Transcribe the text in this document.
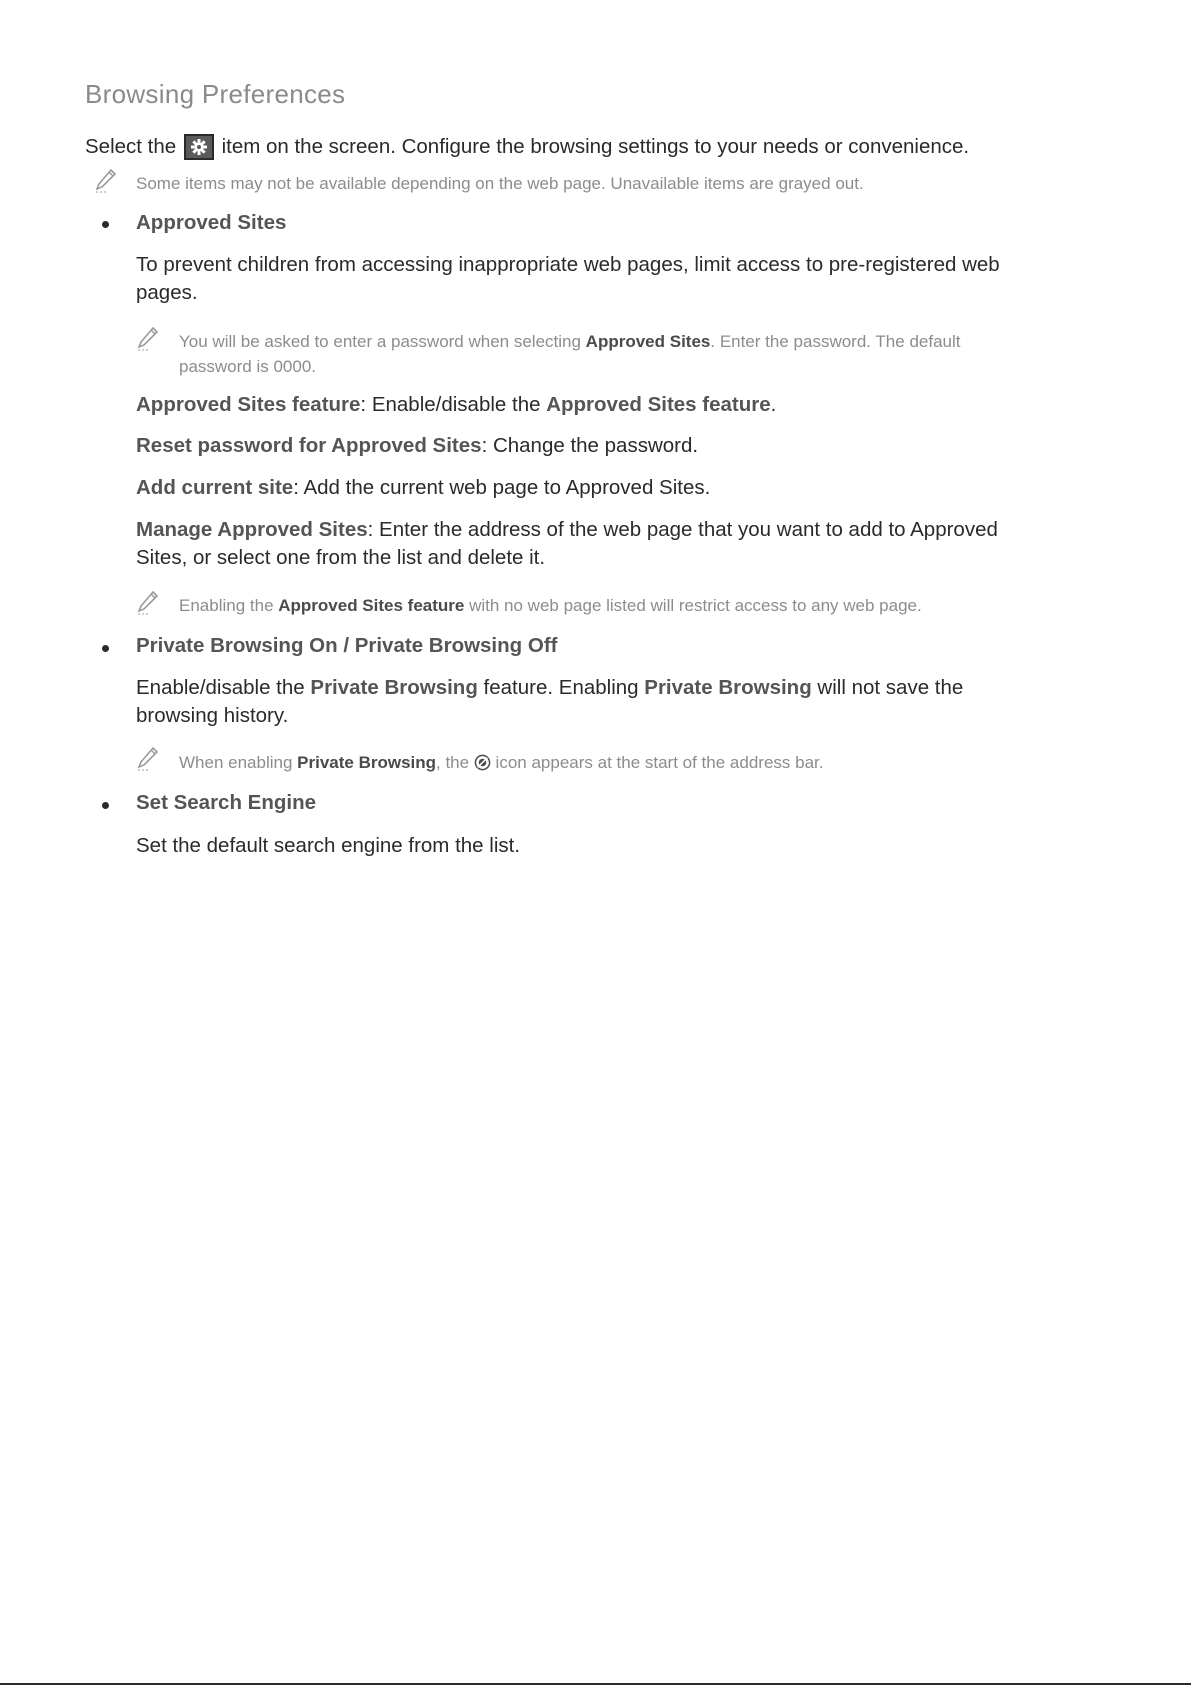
Browsing Preferences
Select the  item on the screen. Configure the browsing settings to your needs or convenience.
Some items may not be available depending on the web page. Unavailable items are grayed out.
Approved Sites
To prevent children from accessing inappropriate web pages, limit access to pre-registered web
pages.
You will be asked to enter a password when selecting Approved Sites. Enter the password. The default
password is 0000.
Approved Sites feature: Enable/disable the Approved Sites feature.
Reset password for Approved Sites: Change the password.
Add current site: Add the current web page to Approved Sites.
Manage Approved Sites: Enter the address of the web page that you want to add to Approved
Sites, or select one from the list and delete it.
Enabling the Approved Sites feature with no web page listed will restrict access to any web page.
Private Browsing On / Private Browsing Off
Enable/disable the Private Browsing feature. Enabling Private Browsing will not save the
browsing history.
When enabling Private Browsing, the  icon appears at the start of the address bar.
Set Search Engine
Set the default search engine from the list.
